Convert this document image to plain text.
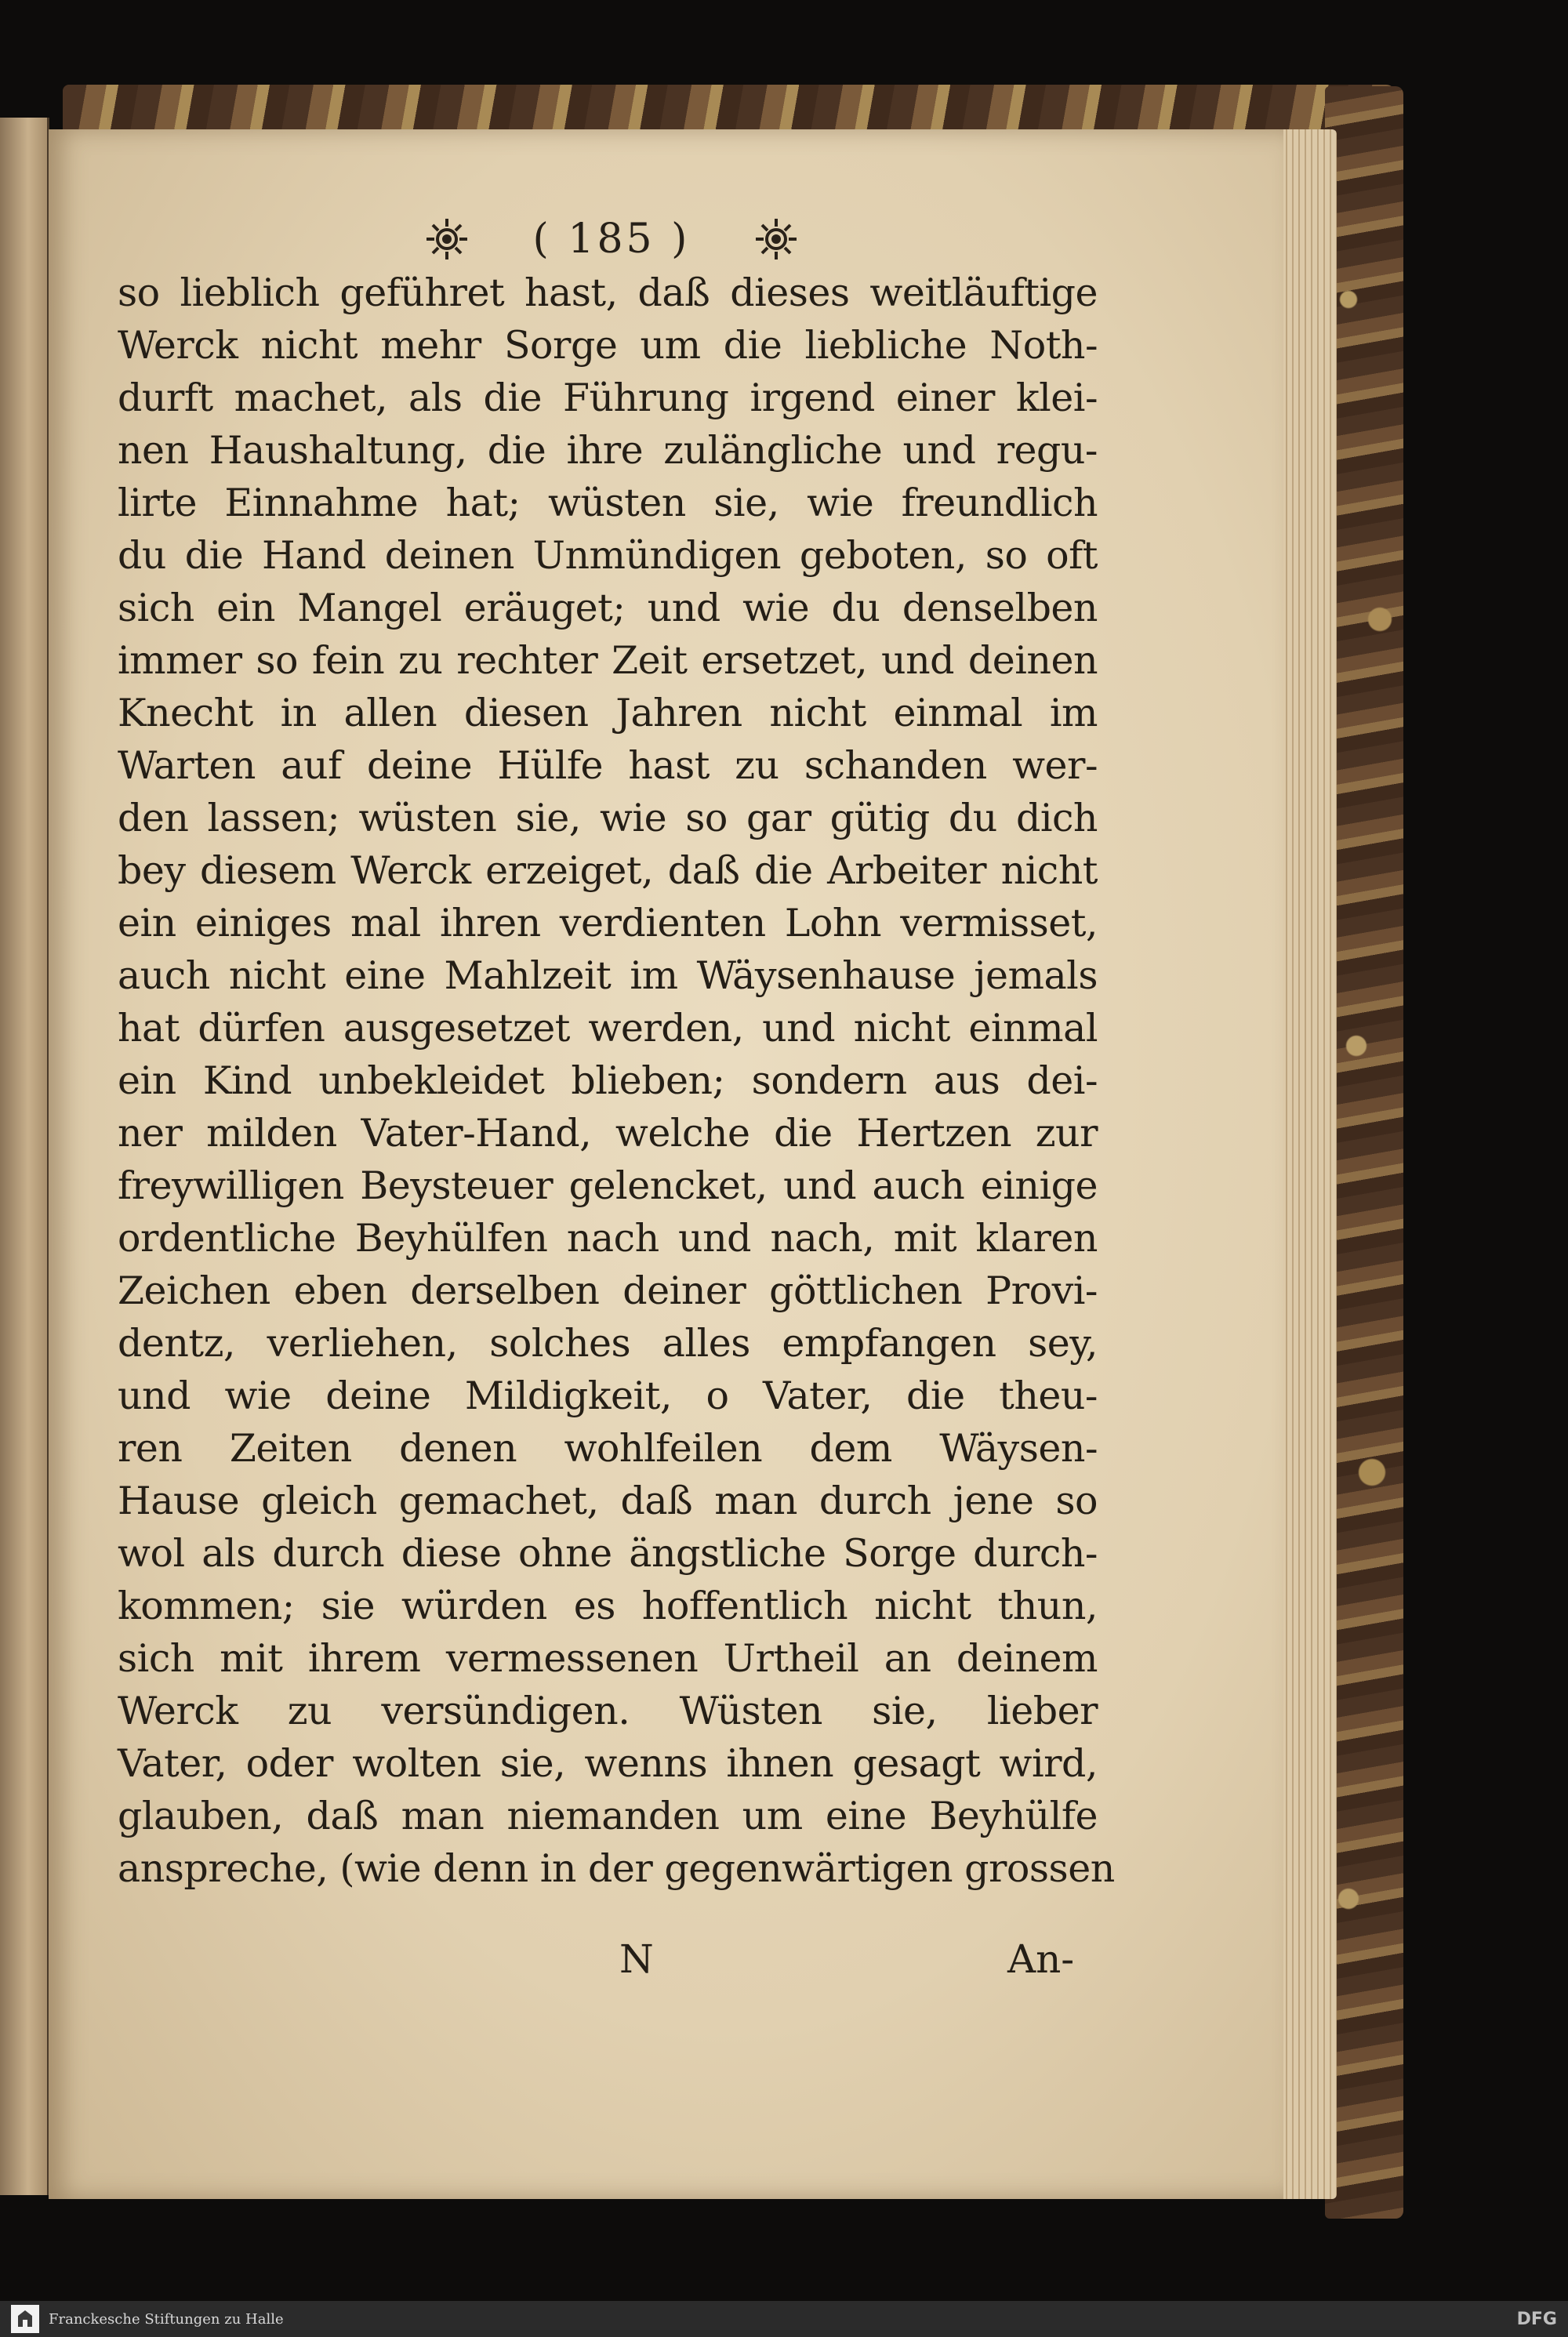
( 185 )
so lieblich geführet hast, daß dieses weitläuftige
Werck nicht mehr Sorge um die liebliche Noth-
durft machet, als die Führung irgend einer klei-
nen Haushaltung, die ihre zulängliche und regu-
lirte Einnahme hat; wüsten sie, wie freundlich
du die Hand deinen Unmündigen geboten, so oft
sich ein Mangel eräuget; und wie du denselben
immer so fein zu rechter Zeit ersetzet, und deinen
Knecht in allen diesen Jahren nicht einmal im
Warten auf deine Hülfe hast zu schanden wer-
den lassen; wüsten sie, wie so gar gütig du dich
bey diesem Werck erzeiget, daß die Arbeiter nicht
ein einiges mal ihren verdienten Lohn vermisset,
auch nicht eine Mahlzeit im Wäysenhause jemals
hat dürfen ausgesetzet werden, und nicht einmal
ein Kind unbekleidet blieben; sondern aus dei-
ner milden Vater-Hand, welche die Hertzen zur
freywilligen Beysteuer gelencket, und auch einige
ordentliche Beyhülfen nach und nach, mit klaren
Zeichen eben derselben deiner göttlichen Provi-
dentz, verliehen, solches alles empfangen sey,
und wie deine Mildigkeit, o Vater, die theu-
ren Zeiten denen wohlfeilen dem Wäysen-
Hause gleich gemachet, daß man durch jene so
wol als durch diese ohne ängstliche Sorge durch-
kommen; sie würden es hoffentlich nicht thun,
sich mit ihrem vermessenen Urtheil an deinem
Werck zu versündigen. Wüsten sie, lieber
Vater, oder wolten sie, wenns ihnen gesagt wird,
glauben, daß man niemanden um eine Beyhülfe
anspreche, (wie denn in der gegenwärtigen grossen
N	An-
Franckesche Stiftungen zu Halle	DFG
